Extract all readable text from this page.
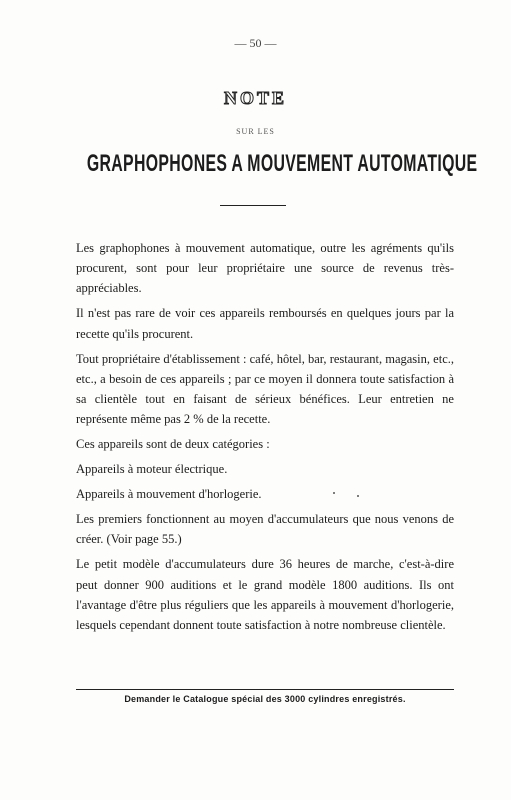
— 50 —
NOTE
SUR LES
GRAPHOPHONES A MOUVEMENT AUTOMATIQUE

Les graphophones à mouvement automatique, outre les agréments qu'ils procurent, sont pour leur propriétaire une source de revenus très-appréciables.

Il n'est pas rare de voir ces appareils remboursés en quelques jours par la recette qu'ils procurent.

Tout propriétaire d'établissement : café, hôtel, bar, restaurant, magasin, etc., etc., a besoin de ces appareils ; par ce moyen il donnera toute satisfaction à sa clientèle tout en faisant de sérieux bénéfices. Leur entretien ne représente même pas 2 % de la recette.

Ces appareils sont de deux catégories :

Appareils à moteur électrique.

Appareils à mouvement d'horlogerie.

Les premiers fonctionnent au moyen d'accumulateurs que nous venons de créer. (Voir page 55.)

Le petit modèle d'accumulateurs dure 36 heures de marche, c'est-à-dire peut donner 900 auditions et le grand modèle 1800 auditions. Ils ont l'avantage d'être plus réguliers que les appareils à mouvement d'horlogerie, lesquels cependant donnent toute satisfaction à notre nombreuse clientèle.

Demander le Catalogue spécial des 3000 cylindres enregistrés.
